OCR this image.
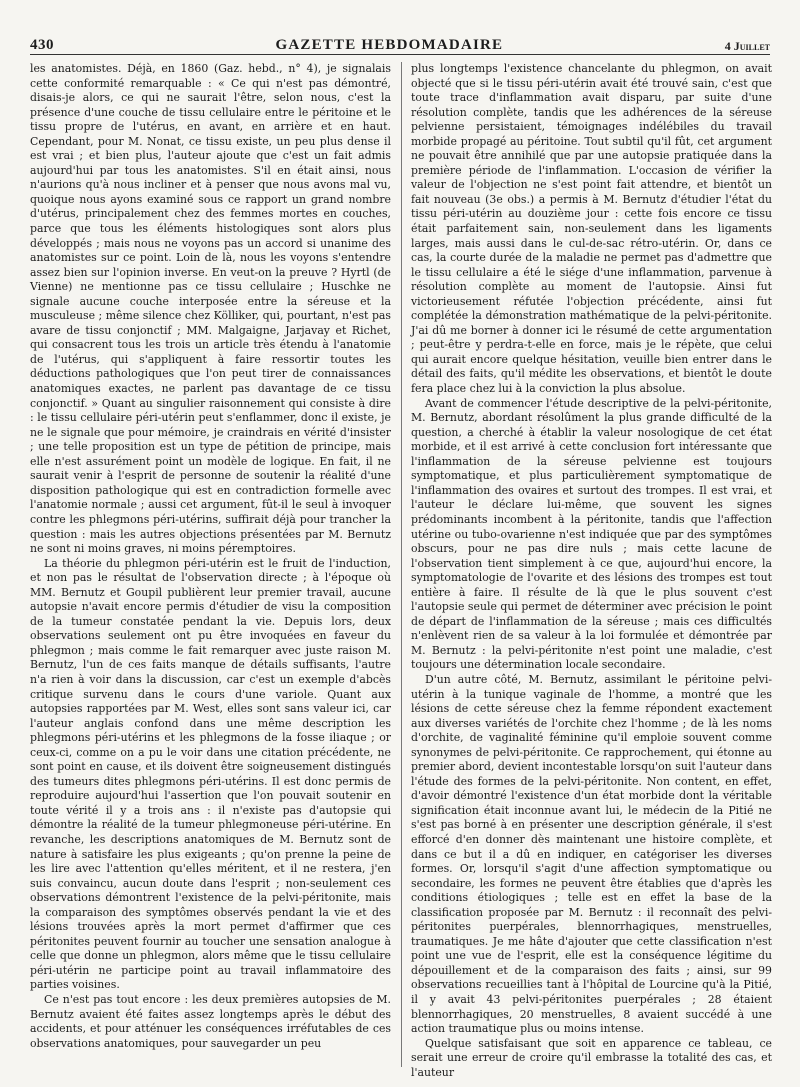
430	GAZETTE HEBDOMADAIRE	4 Juillet

les anatomistes. Déjà, en 1860 (Gaz. hebd., n° 4), je signalais cette conformité remarquable : « Ce qui n'est pas démontré, disais-je alors, ce qui ne saurait l'être, selon nous, c'est la présence d'une couche de tissu cellulaire entre le péritoine et le tissu propre de l'utérus, en avant, en arrière et en haut. Cependant, pour M. Nonat, ce tissu existe, un peu plus dense il est vrai ; et bien plus, l'auteur ajoute que c'est un fait admis aujourd'hui par tous les anatomistes. S'il en était ainsi, nous n'aurions qu'à nous incliner et à penser que nous avons mal vu, quoique nous ayons examiné sous ce rapport un grand nombre d'utérus, principalement chez des femmes mortes en couches, parce que tous les éléments histologiques sont alors plus développés ; mais nous ne voyons pas un accord si unanime des anatomistes sur ce point. Loin de là, nous les voyons s'entendre assez bien sur l'opinion inverse. En veut-on la preuve ? Hyrtl (de Vienne) ne mentionne pas ce tissu cellulaire ; Huschke ne signale aucune couche interposée entre la séreuse et la musculeuse ; même silence chez Kölliker, qui, pourtant, n'est pas avare de tissu conjonctif ; MM. Malgaigne, Jarjavay et Richet, qui consacrent tous les trois un article très étendu à l'anatomie de l'utérus, qui s'appliquent à faire ressortir toutes les déductions pathologiques que l'on peut tirer de connaissances anatomiques exactes, ne parlent pas davantage de ce tissu conjonctif. » Quant au singulier raisonnement qui consiste à dire : le tissu cellulaire péri-utérin peut s'enflammer, donc il existe, je ne le signale que pour mémoire, je craindrais en vérité d'insister ; une telle proposition est un type de pétition de principe, mais elle n'est assurément point un modèle de logique. En fait, il ne saurait venir à l'esprit de personne de soutenir la réalité d'une disposition pathologique qui est en contradiction formelle avec l'anatomie normale ; aussi cet argument, fût-il le seul à invoquer contre les phlegmons péri-utérins, suffirait déjà pour trancher la question : mais les autres objections présentées par M. Bernutz ne sont ni moins graves, ni moins péremptoires.

La théorie du phlegmon péri-utérin est le fruit de l'induction, et non pas le résultat de l'observation directe ; à l'époque où MM. Bernutz et Goupil publièrent leur premier travail, aucune autopsie n'avait encore permis d'étudier de visu la composition de la tumeur constatée pendant la vie. Depuis lors, deux observations seulement ont pu être invoquées en faveur du phlegmon ; mais comme le fait remarquer avec juste raison M. Bernutz, l'un de ces faits manque de détails suffisants, l'autre n'a rien à voir dans la discussion, car c'est un exemple d'abcès critique survenu dans le cours d'une variole. Quant aux autopsies rapportées par M. West, elles sont sans valeur ici, car l'auteur anglais confond dans une même description les phlegmons péri-utérins et les phlegmons de la fosse iliaque ; or ceux-ci, comme on a pu le voir dans une citation précédente, ne sont point en cause, et ils doivent être soigneusement distingués des tumeurs dites phlegmons péri-utérins. Il est donc permis de reproduire aujourd'hui l'assertion que l'on pouvait soutenir en toute vérité il y a trois ans : il n'existe pas d'autopsie qui démontre la réalité de la tumeur phlegmoneuse péri-utérine. En revanche, les descriptions anatomiques de M. Bernutz sont de nature à satisfaire les plus exigeants ; qu'on prenne la peine de les lire avec l'attention qu'elles méritent, et il ne restera, j'en suis convaincu, aucun doute dans l'esprit ; non-seulement ces observations démontrent l'existence de la pelvi-péritonite, mais la comparaison des symptômes observés pendant la vie et des lésions trouvées après la mort permet d'affirmer que ces péritonites peuvent fournir au toucher une sensation analogue à celle que donne un phlegmon, alors même que le tissu cellulaire péri-utérin ne participe point au travail inflammatoire des parties voisines.

Ce n'est pas tout encore : les deux premières autopsies de M. Bernutz avaient été faites assez longtemps après le début des accidents, et pour atténuer les conséquences irréfutables de ces observations anatomiques, pour sauvegarder un peu

plus longtemps l'existence chancelante du phlegmon, on avait objecté que si le tissu péri-utérin avait été trouvé sain, c'est que toute trace d'inflammation avait disparu, par suite d'une résolution complète, tandis que les adhérences de la séreuse pelvienne persistaient, témoignages indélébiles du travail morbide propagé au péritoine. Tout subtil qu'il fût, cet argument ne pouvait être annihilé que par une autopsie pratiquée dans la première période de l'inflammation. L'occasion de vérifier la valeur de l'objection ne s'est point fait attendre, et bientôt un fait nouveau (3e obs.) a permis à M. Bernutz d'étudier l'état du tissu péri-utérin au douzième jour : cette fois encore ce tissu était parfaitement sain, non-seulement dans les ligaments larges, mais aussi dans le cul-de-sac rétro-utérin. Or, dans ce cas, la courte durée de la maladie ne permet pas d'admettre que le tissu cellulaire a été le siége d'une inflammation, parvenue à résolution complète au moment de l'autopsie. Ainsi fut victorieusement réfutée l'objection précédente, ainsi fut complétée la démonstration mathématique de la pelvi-péritonite. J'ai dû me borner à donner ici le résumé de cette argumentation ; peut-être y perdra-t-elle en force, mais je le répète, que celui qui aurait encore quelque hésitation, veuille bien entrer dans le détail des faits, qu'il médite les observations, et bientôt le doute fera place chez lui à la conviction la plus absolue.

Avant de commencer l'étude descriptive de la pelvi-péritonite, M. Bernutz, abordant résolûment la plus grande difficulté de la question, a cherché à établir la valeur nosologique de cet état morbide, et il est arrivé à cette conclusion fort intéressante que l'inflammation de la séreuse pelvienne est toujours symptomatique, et plus particulièrement symptomatique de l'inflammation des ovaires et surtout des trompes. Il est vrai, et l'auteur le déclare lui-même, que souvent les signes prédominants incombent à la péritonite, tandis que l'affection utérine ou tubo-ovarienne n'est indiquée que par des symptômes obscurs, pour ne pas dire nuls ; mais cette lacune de l'observation tient simplement à ce que, aujourd'hui encore, la symptomatologie de l'ovarite et des lésions des trompes est tout entière à faire. Il résulte de là que le plus souvent c'est l'autopsie seule qui permet de déterminer avec précision le point de départ de l'inflammation de la séreuse ; mais ces difficultés n'enlèvent rien de sa valeur à la loi formulée et démontrée par M. Bernutz : la pelvi-péritonite n'est point une maladie, c'est toujours une détermination locale secondaire.

D'un autre côté, M. Bernutz, assimilant le péritoine pelvi-utérin à la tunique vaginale de l'homme, a montré que les lésions de cette séreuse chez la femme répondent exactement aux diverses variétés de l'orchite chez l'homme ; de là les noms d'orchite, de vaginalité féminine qu'il emploie souvent comme synonymes de pelvi-péritonite. Ce rapprochement, qui étonne au premier abord, devient incontestable lorsqu'on suit l'auteur dans l'étude des formes de la pelvi-péritonite. Non content, en effet, d'avoir démontré l'existence d'un état morbide dont la véritable signification était inconnue avant lui, le médecin de la Pitié ne s'est pas borné à en présenter une description générale, il s'est efforcé d'en donner dès maintenant une histoire complète, et dans ce but il a dû en indiquer, en catégoriser les diverses formes. Or, lorsqu'il s'agit d'une affection symptomatique ou secondaire, les formes ne peuvent être établies que d'après les conditions étiologiques ; telle est en effet la base de la classification proposée par M. Bernutz : il reconnaît des pelvi-péritonites puerpérales, blennorrhagiques, menstruelles, traumatiques. Je me hâte d'ajouter que cette classification n'est point une vue de l'esprit, elle est la conséquence légitime du dépouillement et de la comparaison des faits ; ainsi, sur 99 observations recueillies tant à l'hôpital de Lourcine qu'à la Pitié, il y avait 43 pelvi-péritonites puerpérales ; 28 étaient blennorrhagiques, 20 menstruelles, 8 avaient succédé à une action traumatique plus ou moins intense.

Quelque satisfaisant que soit en apparence ce tableau, ce serait une erreur de croire qu'il embrasse la totalité des cas, et l'auteur
